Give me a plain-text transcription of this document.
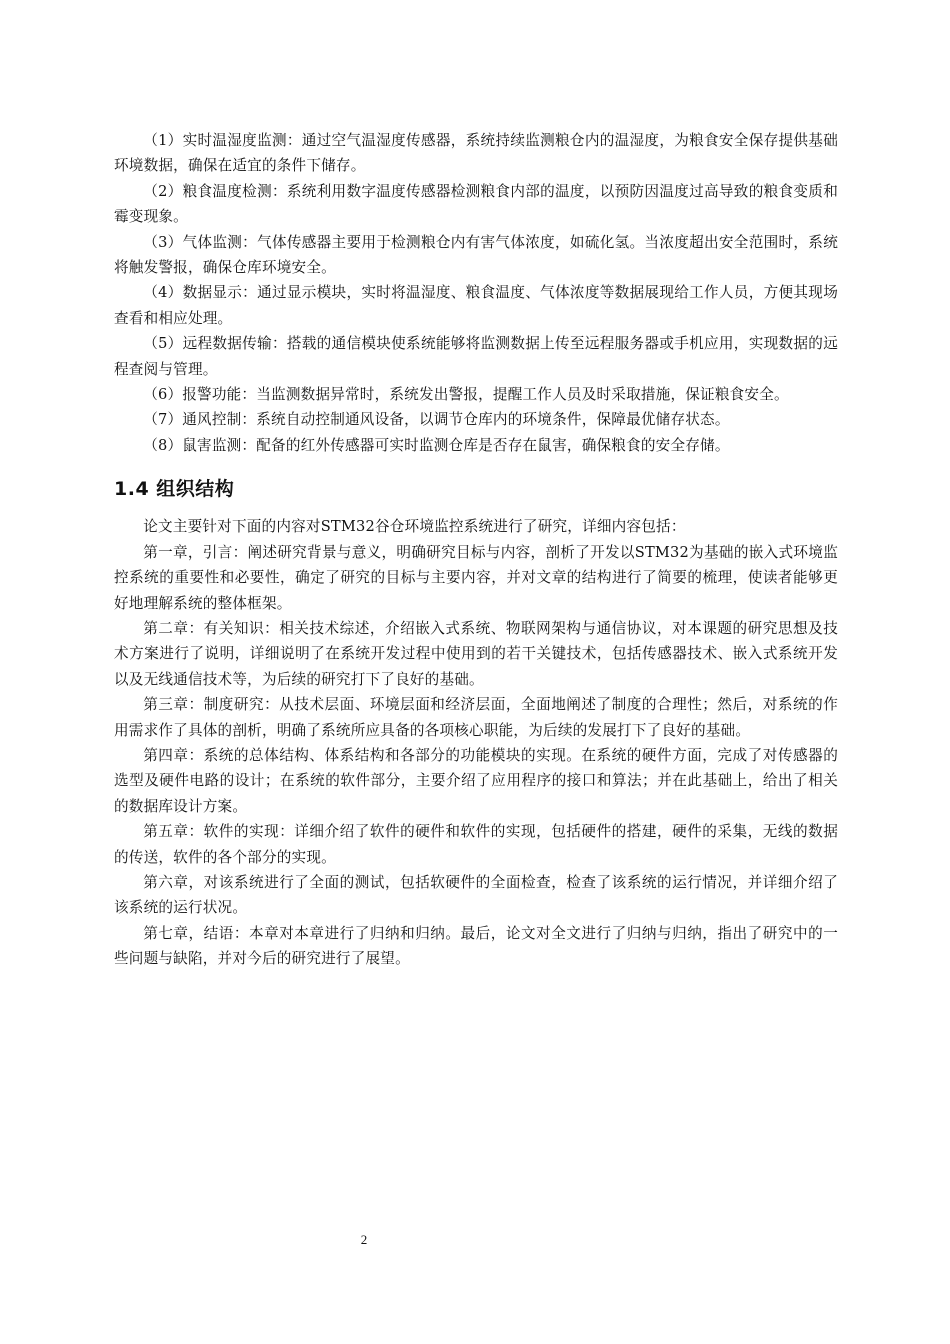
（1）实时温湿度监测：通过空气温湿度传感器，系统持续监测粮仓内的温湿度，为粮食安全保存提供基础环境数据，确保在适宜的条件下储存。

（2）粮食温度检测：系统利用数字温度传感器检测粮食内部的温度，以预防因温度过高导致的粮食变质和霉变现象。

（3）气体监测：气体传感器主要用于检测粮仓内有害气体浓度，如硫化氢。当浓度超出安全范围时，系统将触发警报，确保仓库环境安全。

（4）数据显示：通过显示模块，实时将温湿度、粮食温度、气体浓度等数据展现给工作人员，方便其现场查看和相应处理。

（5）远程数据传输：搭载的通信模块使系统能够将监测数据上传至远程服务器或手机应用，实现数据的远程查阅与管理。

（6）报警功能：当监测数据异常时，系统发出警报，提醒工作人员及时采取措施，保证粮食安全。

（7）通风控制：系统自动控制通风设备，以调节仓库内的环境条件，保障最优储存状态。

（8）鼠害监测：配备的红外传感器可实时监测仓库是否存在鼠害，确保粮食的安全存储。

1.4 组织结构

论文主要针对下面的内容对STM32谷仓环境监控系统进行了研究，详细内容包括：

第一章，引言：阐述研究背景与意义，明确研究目标与内容，剖析了开发以STM32为基础的嵌入式环境监控系统的重要性和必要性，确定了研究的目标与主要内容，并对文章的结构进行了简要的梳理，使读者能够更好地理解系统的整体框架。

第二章：有关知识：相关技术综述，介绍嵌入式系统、物联网架构与通信协议，对本课题的研究思想及技术方案进行了说明，详细说明了在系统开发过程中使用到的若干关键技术，包括传感器技术、嵌入式系统开发以及无线通信技术等，为后续的研究打下了良好的基础。

第三章：制度研究：从技术层面、环境层面和经济层面，全面地阐述了制度的合理性；然后，对系统的作用需求作了具体的剖析，明确了系统所应具备的各项核心职能，为后续的发展打下了良好的基础。

第四章：系统的总体结构、体系结构和各部分的功能模块的实现。在系统的硬件方面，完成了对传感器的选型及硬件电路的设计；在系统的软件部分，主要介绍了应用程序的接口和算法；并在此基础上，给出了相关的数据库设计方案。

第五章：软件的实现：详细介绍了软件的硬件和软件的实现，包括硬件的搭建，硬件的采集，无线的数据的传送，软件的各个部分的实现。

第六章，对该系统进行了全面的测试，包括软硬件的全面检查，检查了该系统的运行情况，并详细介绍了该系统的运行状况。

第七章，结语：本章对本章进行了归纳和归纳。最后，论文对全文进行了归纳与归纳，指出了研究中的一些问题与缺陷，并对今后的研究进行了展望。

2
